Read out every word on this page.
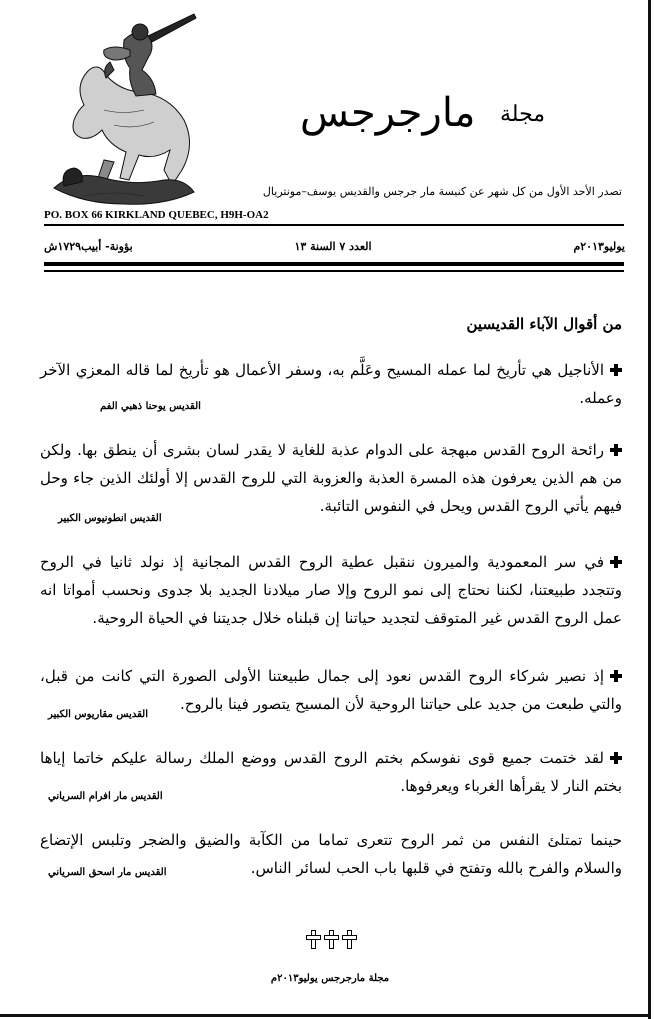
مارجرجس مجلة
تصدر الأحد الأول من كل شهر عن كنيسة مار جرجس والقديس يوسف–مونتريال
PO. BOX 66 KIRKLAND QUEBEC, H9H-OA2
يوليو٢٠١٣م
العدد ٧ السنة ١٣
بؤونة- أبيب١٧٢٩ش
من أقوال الآباء القديسين
الأناجيل هي تأريخ لما عمله المسيح وعَلَّم به، وسفر الأعمال هو تأريخ لما قاله المعزي الآخر وعمله.
القديس يوحنا ذهبي الفم
رائحة الروح القدس مبهجة على الدوام عذبة للغاية لا يقدر لسان بشرى أن ينطق بها. ولكن من هم الذين يعرفون هذه المسرة العذبة والعزوبة التي للروح القدس إلا أولئك الذين جاء وحل فيهم يأتي الروح القدس ويحل في النفوس التائبة.
القديس انطونيوس الكبير
في سر المعمودية والميرون ننقبل عطية الروح القدس المجانية إذ نولد ثانيا في الروح وتتجدد طبيعتنا، لكننا نحتاج إلى نمو الروح وإلا صار ميلادنا الجديد بلا جدوى ونحسب أمواتا انه عمل الروح القدس غير المتوقف لتجديد حياتنا إن قبلناه خلال جديتنا في الحياة الروحية.
إذ نصير شركاء الروح القدس نعود إلى جمال طبيعتنا الأولى الصورة التي كانت من قبل، والتي طبعت من جديد على حياتنا الروحية لأن المسيح يتصور فينا بالروح.
القديس مقاريوس الكبير
لقد ختمت جميع قوى نفوسكم بختم الروح القدس ووضع الملك رسالة عليكم خاتما إياها بختم النار لا يقرأها الغرباء ويعرفوها.
القديس مار افرام السرياني
حينما تمتلئ النفس من ثمر الروح تتعرى تماما من الكآبة والضيق والضجر وتلبس الإتضاع والسلام والفرح بالله وتفتح في قلبها باب الحب لسائر الناس.
القديس مار اسحق السرياني
مجلة مارجرجس يوليو٢٠١٣م
